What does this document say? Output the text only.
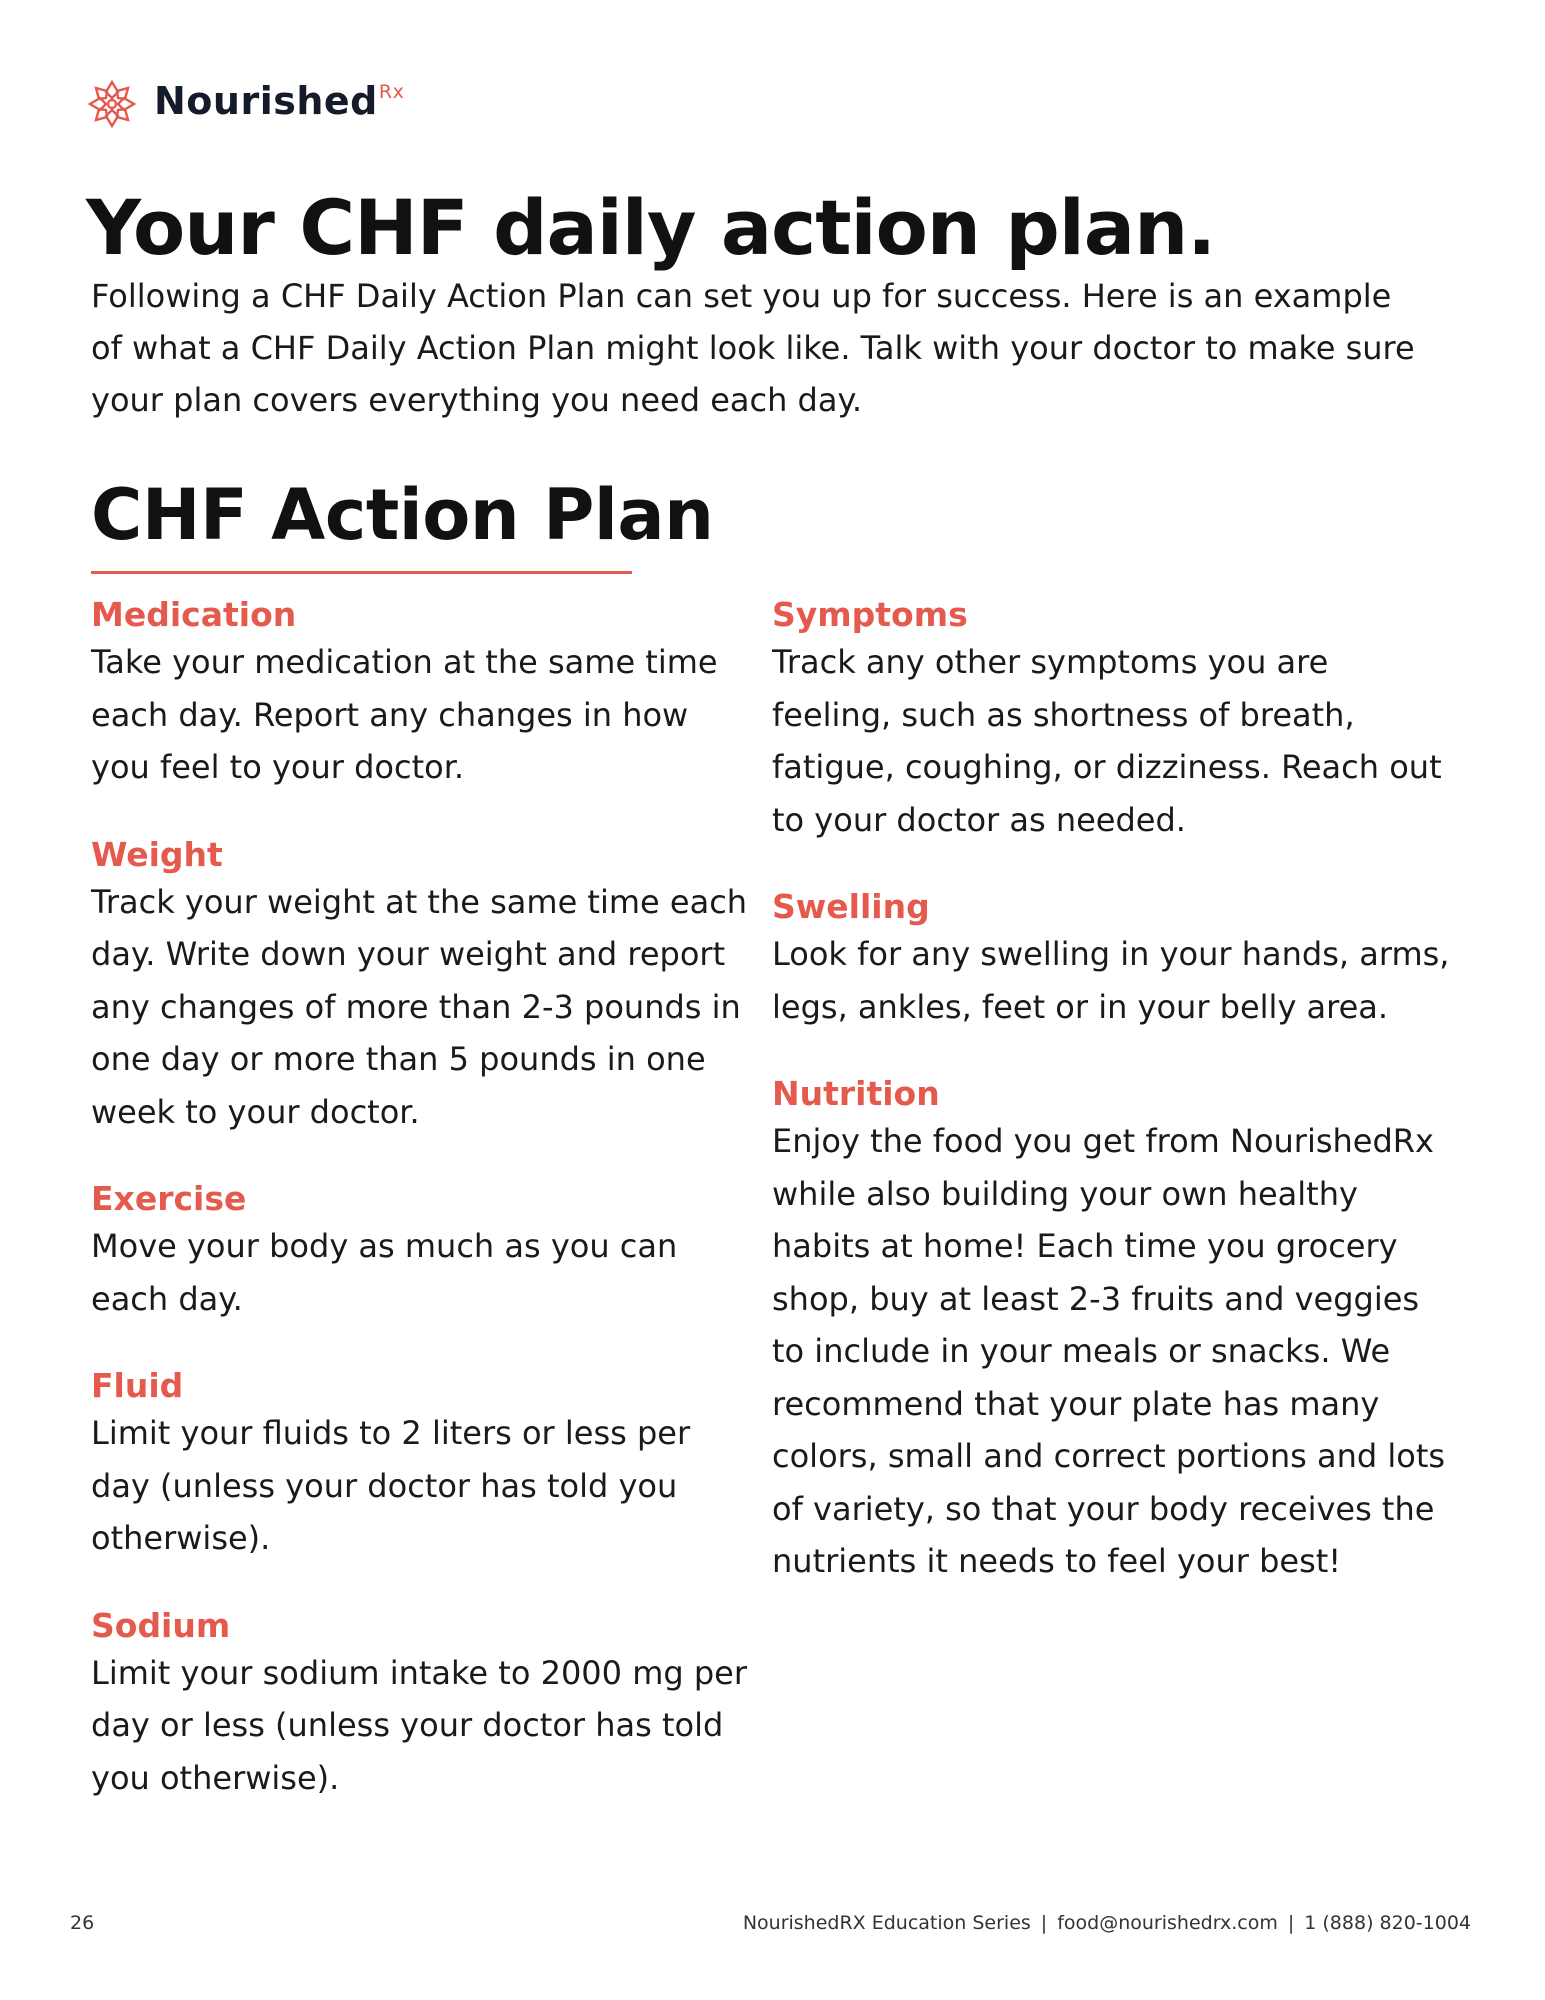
Nourished$^{Rx}$
Your CHF daily action plan.

Following a CHF Daily Action Plan can set you up for success. Here is an example of what a CHF Daily Action Plan might look like. Talk with your doctor to make sure your plan covers everything you need each day.

CHF Action Plan
Medication
Take your medication at the same time each day. Report any changes in how you feel to your doctor.
Weight
Track your weight at the same time each day. Write down your weight and report any changes of more than 2-3 pounds in one day or more than 5 pounds in one week to your doctor.
Exercise
Move your body as much as you can each day.
Fluid
Limit your fluids to 2 liters or less per day (unless your doctor has told you otherwise).
Sodium
Limit your sodium intake to 2000 mg per day or less (unless your doctor has told you otherwise).
Symptoms
Track any other symptoms you are feeling, such as shortness of breath, fatigue, coughing, or dizziness. Reach out to your doctor as needed.
Swelling
Look for any swelling in your hands, arms, legs, ankles, feet or in your belly area.
Nutrition
Enjoy the food you get from NourishedRx while also building your own healthy habits at home! Each time you grocery shop, buy at least 2-3 fruits and veggies to include in your meals or snacks. We recommend that your plate has many colors, small and correct portions and lots of variety, so that your body receives the nutrients it needs to feel your best!
26	NourishedRX Education Series | food@nourishedrx.com | 1 (888) 820-1004
